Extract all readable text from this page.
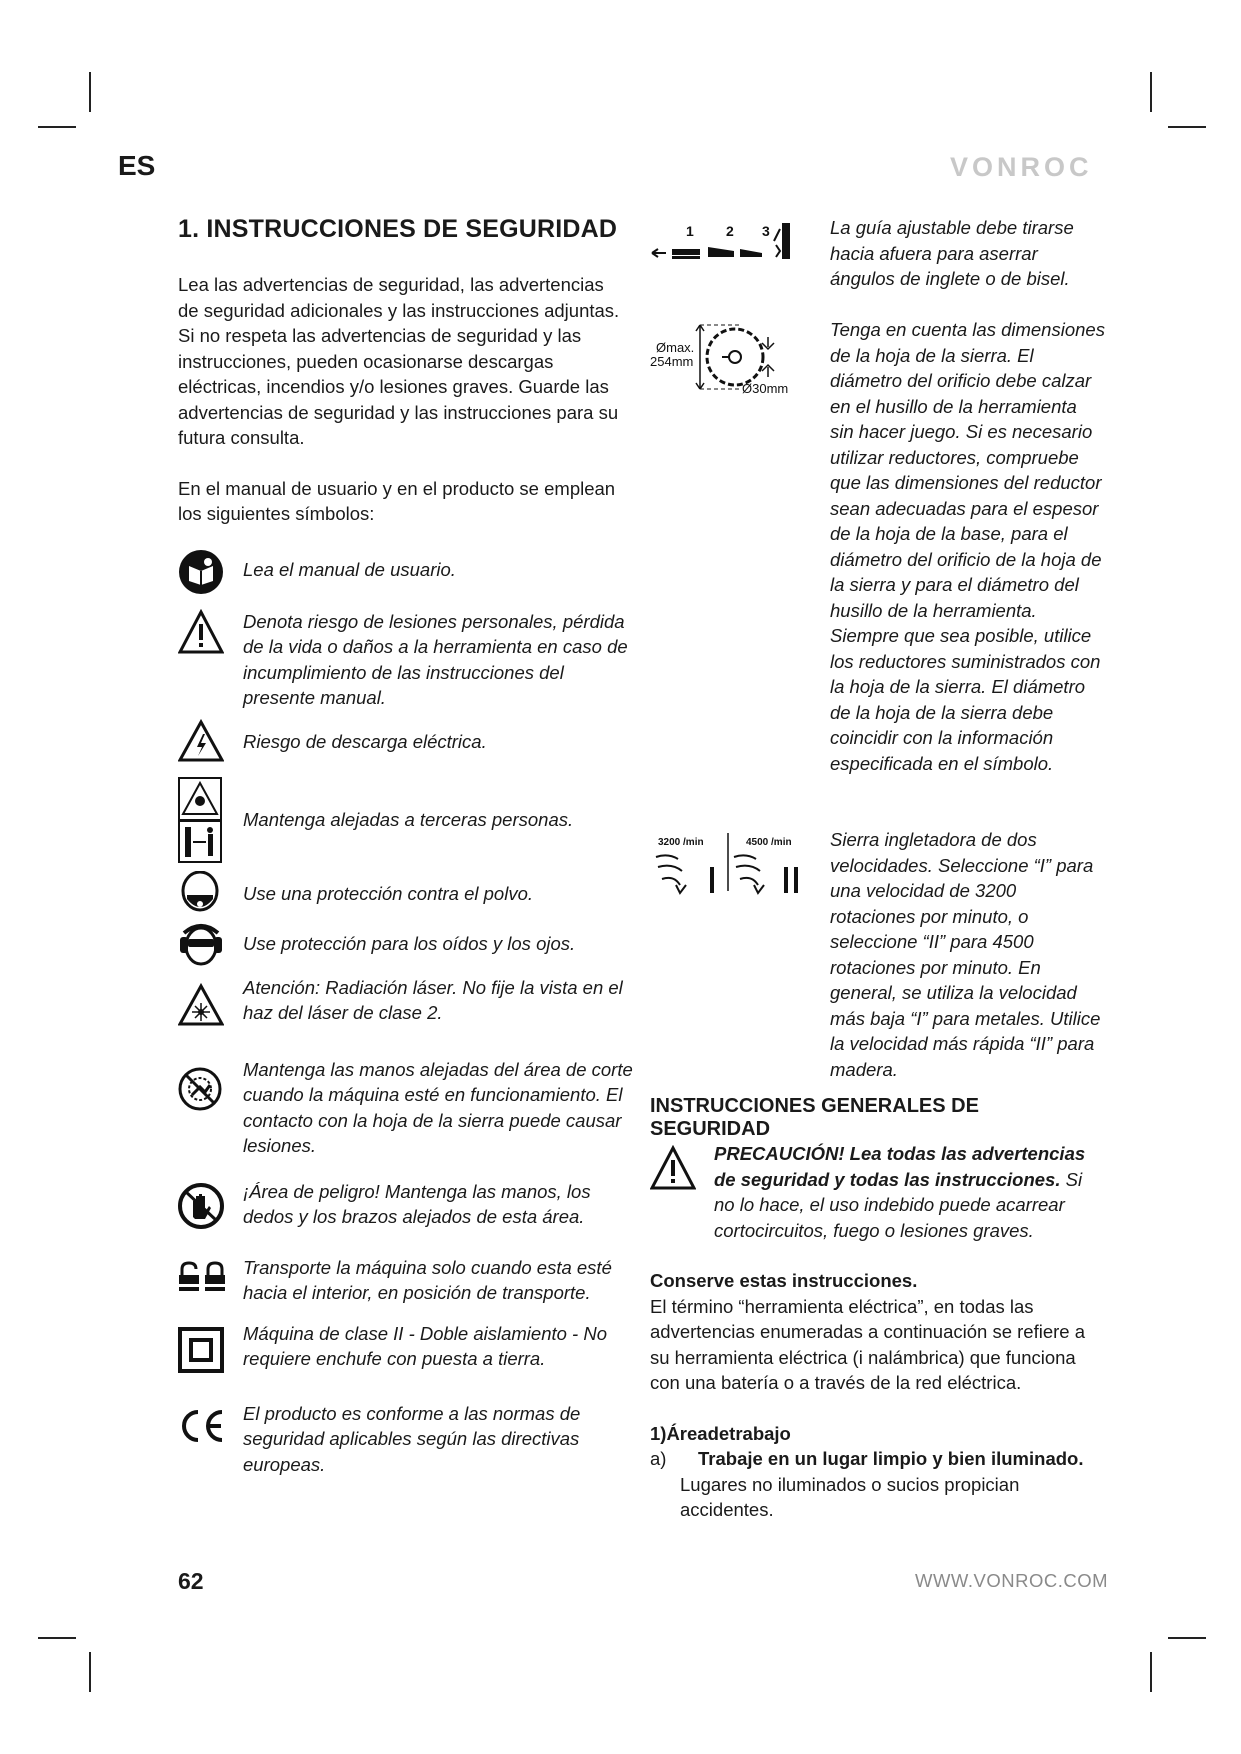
ES	VONROC
1. INSTRUCCIONES DE SEGURIDAD

Lea las advertencias de seguridad, las advertencias de seguridad adicionales y las instrucciones adjuntas. Si no respeta las advertencias de seguridad y las instrucciones, pueden ocasionarse descargas eléctricas, incendios y/o lesiones graves. Guarde las advertencias de seguridad y las instrucciones para su futura consulta.

En el manual de usuario y en el producto se emplean los siguientes símbolos:

Lea el manual de usuario.
Denota riesgo de lesiones personales, pérdida de la vida o daños a la herramienta en caso de incumplimiento de las instrucciones del presente manual.
Riesgo de descarga eléctrica.
Mantenga alejadas a terceras personas.
Use una protección contra el polvo.
Use protección para los oídos y los ojos.
Atención: Radiación láser. No fije la vista en el haz del láser de clase 2.
Mantenga las manos alejadas del área de corte cuando la máquina esté en funcionamiento. El contacto con la hoja de la sierra puede causar lesiones.
¡Área de peligro! Mantenga las manos, los dedos y los brazos alejados de esta área.
Transporte la máquina solo cuando esta esté hacia el interior, en posición de transporte.
Máquina de clase II - Doble aislamiento - No requiere enchufe con puesta a tierra.
El producto es conforme a las normas de seguridad aplicables según las directivas europeas.
1 2 3	La guía ajustable debe tirarse hacia afuera para aserrar ángulos de inglete o de bisel.
Ømax.
254mm
Ø30mm
Tenga en cuenta las dimensiones de la hoja de la sierra. El diámetro del orificio debe calzar en el husillo de la herramienta sin hacer juego. Si es necesario utilizar reductores, compruebe que las dimensiones del reductor sean adecuadas para el espesor de la hoja de la base, para el diámetro del orificio de la hoja de la sierra y para el diámetro del husillo de la herramienta. Siempre que sea posible, utilice los reductores suministrados con la hoja de la sierra. El diámetro de la hoja de la sierra debe coincidir con la información especificada en el símbolo.
3200 /min	4500 /min Sierra ingletadora de dos velocidades. Seleccione “I” para una velocidad de 3200 rotaciones por minuto, o seleccione “II” para 4500 rotaciones por minuto. En general, se utiliza la velocidad más baja “I” para metales. Utilice la velocidad más rápida “II” para madera.
INSTRUCCIONES GENERALES DE SEGURIDAD

PRECAUCIÓN! Lea todas las advertencias de seguridad y todas las instrucciones. Si no lo hace, el uso indebido puede acarrear cortocircuitos, fuego o lesiones graves.

Conserve estas instrucciones.

El término “herramienta eléctrica”, en todas las advertencias enumeradas a continuación se refiere a su herramienta eléctrica (i nalámbrica) que funciona con una batería o a través de la red eléctrica.

1)Áreadetrabajo

a) Trabaje en un lugar limpio y bien iluminado.

Lugares no iluminados o sucios propician accidentes.

62	WWW.VONROC.COM
